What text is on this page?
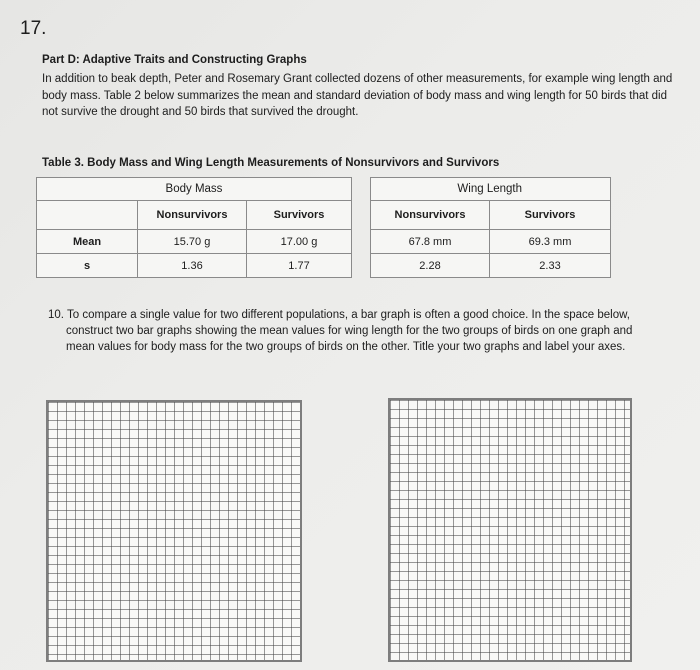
17.
Part D: Adaptive Traits and Constructing Graphs
In addition to beak depth, Peter and Rosemary Grant collected dozens of other measurements, for example wing length and body mass. Table 2 below summarizes the mean and standard deviation of body mass and wing length for 50 birds that did not survive the drought and 50 birds that survived the drought.
Table 3. Body Mass and Wing Length Measurements of Nonsurvivors and Survivors
Body Mass		
	Nonsurvivors	Survivors
Mean	15.70 g	17.00 g
s	1.36	1.77
Wing Length	
Nonsurvivors	Survivors
67.8 mm	69.3 mm
2.28	2.33
10. To compare a single value for two different populations, a bar graph is often a good choice. In the space below,
construct two bar graphs showing the mean values for wing length for the two groups of birds on one graph and
mean values for body mass for the two groups of birds on the other. Title your two graphs and label your axes.
